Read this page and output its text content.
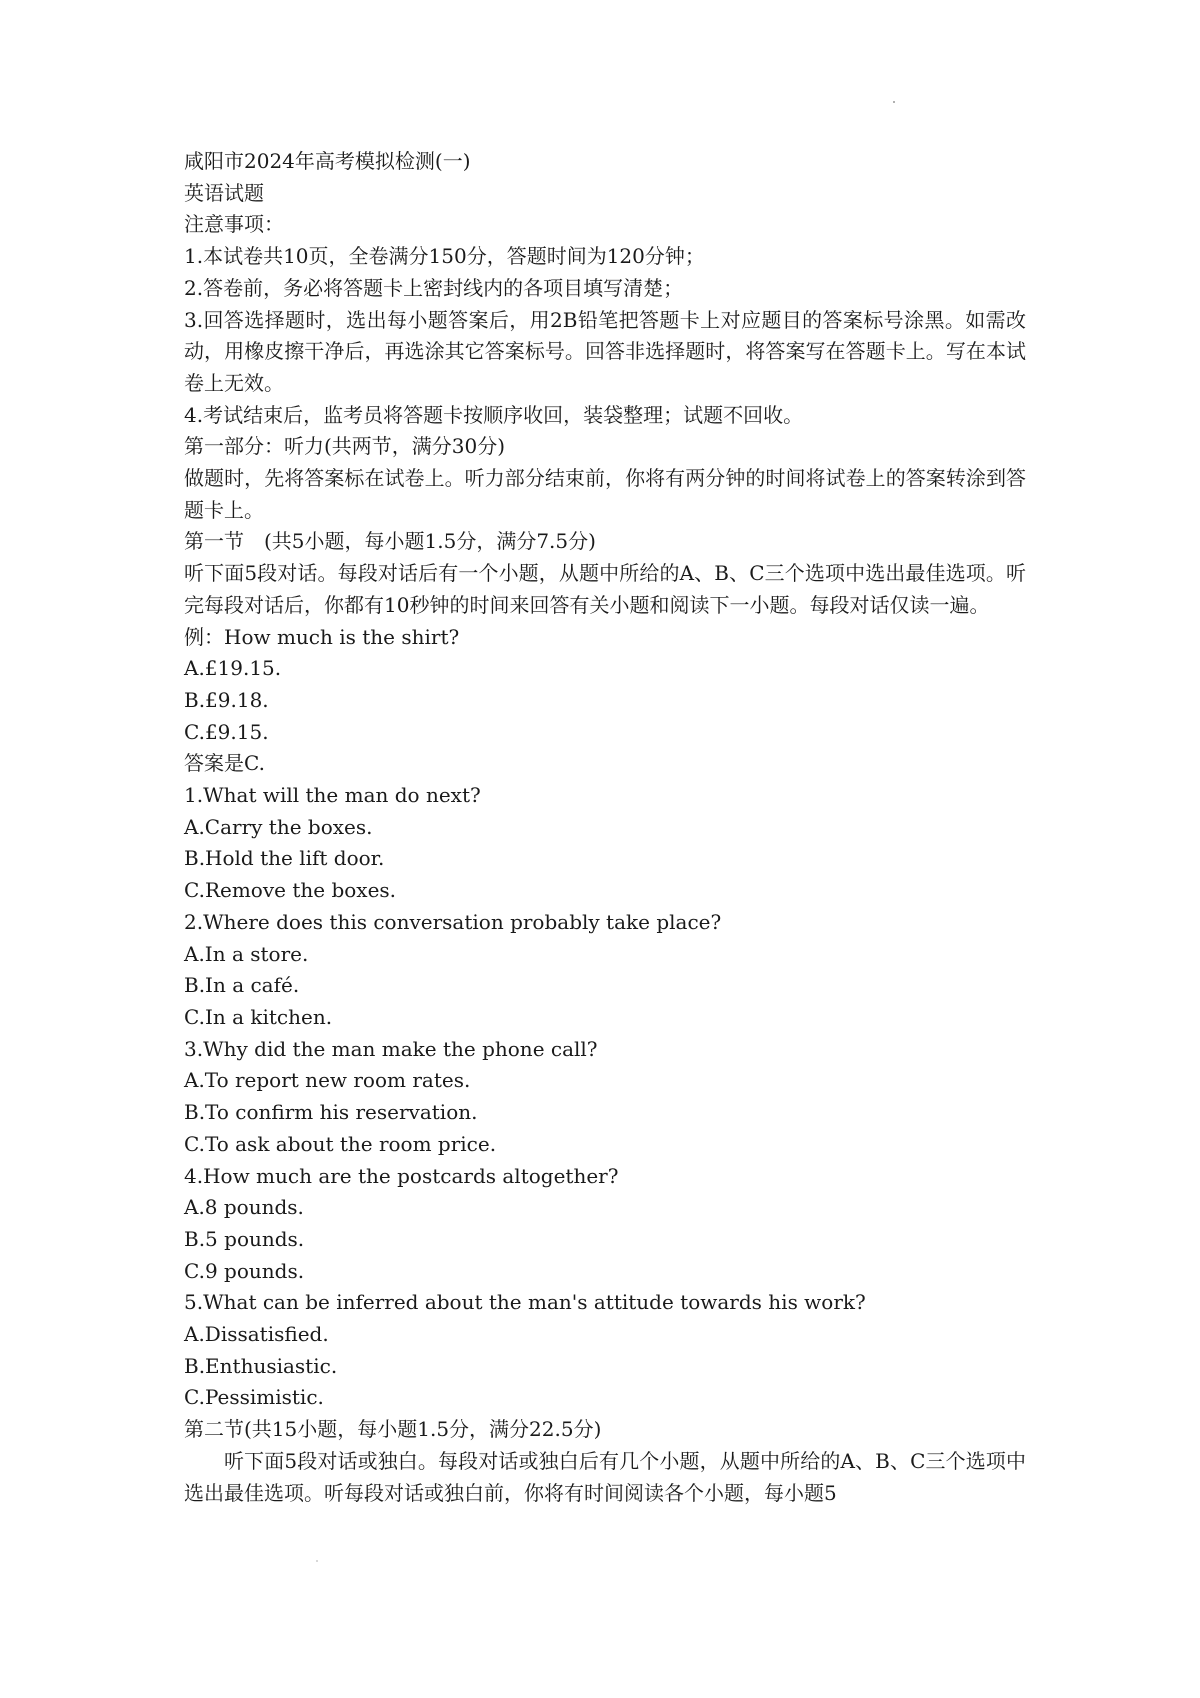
咸阳市2024年高考模拟检测(一)

英语试题

注意事项：

1.本试卷共10页，全卷满分150分，答题时间为120分钟；

2.答卷前，务必将答题卡上密封线内的各项目填写清楚；

3.回答选择题时，选出每小题答案后，用2B铅笔把答题卡上对应题目的答案标号涂黑。如需改动，用橡皮擦干净后，再选涂其它答案标号。回答非选择题时，将答案写在答题卡上。写在本试卷上无效。

4.考试结束后，监考员将答题卡按顺序收回，装袋整理；试题不回收。

第一部分：听力(共两节，满分30分)

做题时，先将答案标在试卷上。听力部分结束前，你将有两分钟的时间将试卷上的答案转涂到答题卡上。

第一节　(共5小题，每小题1.5分，满分7.5分)

听下面5段对话。每段对话后有一个小题，从题中所给的A、B、C三个选项中选出最佳选项。听完每段对话后，你都有10秒钟的时间来回答有关小题和阅读下一小题。每段对话仅读一遍。

例：How much is the shirt?

A.£19.15.

B.£9.18.

C.£9.15.

答案是C.

1.What will the man do next?

A.Carry the boxes.

B.Hold the lift door.

C.Remove the boxes.

2.Where does this conversation probably take place?

A.In a store.

B.In a café.

C.In a kitchen.

3.Why did the man make the phone call?

A.To report new room rates.

B.To confirm his reservation.

C.To ask about the room price.

4.How much are the postcards altogether?

A.8 pounds.

B.5 pounds.

C.9 pounds.

5.What can be inferred about the man's attitude towards his work?

A.Dissatisfied.

B.Enthusiastic.

C.Pessimistic.

第二节(共15小题，每小题1.5分，满分22.5分)

听下面5段对话或独白。每段对话或独白后有几个小题，从题中所给的A、B、C三个选项中选出最佳选项。听每段对话或独白前，你将有时间阅读各个小题，每小题5
